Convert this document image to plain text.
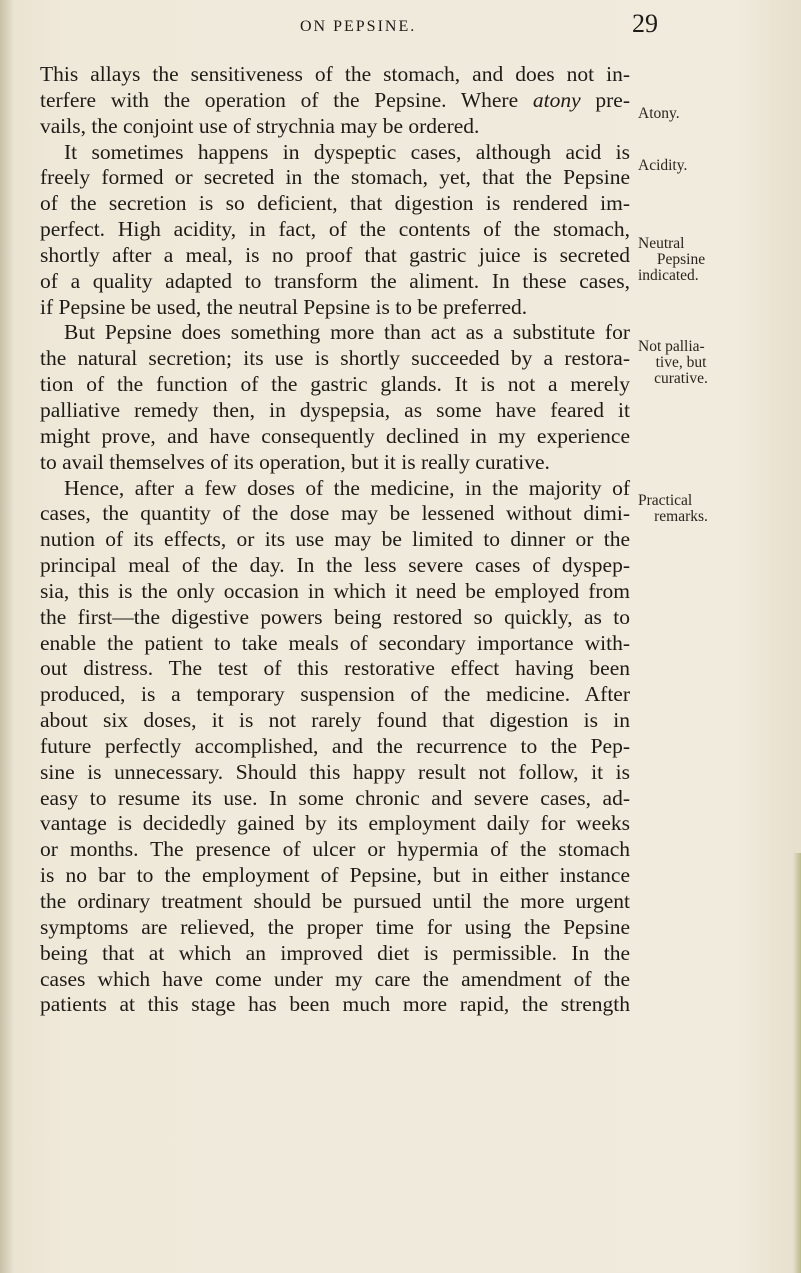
ON PEPSINE.	29
This allays the sensitiveness of the stomach, and does not in-
terfere with the operation of the Pepsine. Where atony pre-
vails, the conjoint use of strychnia may be ordered.
It sometimes happens in dyspeptic cases, although acid is
freely formed or secreted in the stomach, yet, that the Pepsine
of the secretion is so deficient, that digestion is rendered im-
perfect. High acidity, in fact, of the contents of the stomach,
shortly after a meal, is no proof that gastric juice is secreted
of a quality adapted to transform the aliment. In these cases,
if Pepsine be used, the neutral Pepsine is to be preferred.
But Pepsine does something more than act as a substitute for
the natural secretion; its use is shortly succeeded by a restora-
tion of the function of the gastric glands. It is not a merely
palliative remedy then, in dyspepsia, as some have feared it
might prove, and have consequently declined in my experience
to avail themselves of its operation, but it is really curative.
Hence, after a few doses of the medicine, in the majority of
cases, the quantity of the dose may be lessened without dimi-
nution of its effects, or its use may be limited to dinner or the
principal meal of the day. In the less severe cases of dyspep-
sia, this is the only occasion in which it need be employed from
the first—the digestive powers being restored so quickly, as to
enable the patient to take meals of secondary importance with-
out distress. The test of this restorative effect having been
produced, is a temporary suspension of the medicine. After
about six doses, it is not rarely found that digestion is in
future perfectly accomplished, and the recurrence to the Pep-
sine is unnecessary. Should this happy result not follow, it is
easy to resume its use. In some chronic and severe cases, ad-
vantage is decidedly gained by its employment daily for weeks
or months. The presence of ulcer or hypermia of the stomach
is no bar to the employment of Pepsine, but in either instance
the ordinary treatment should be pursued until the more urgent
symptoms are relieved, the proper time for using the Pepsine
being that at which an improved diet is permissible. In the
cases which have come under my care the amendment of the
patients at this stage has been much more rapid, the strength
Atony.
Acidity.
Neutral
Pepsine
indicated.
Not pallia-
tive, but
curative.
Practical
remarks.
